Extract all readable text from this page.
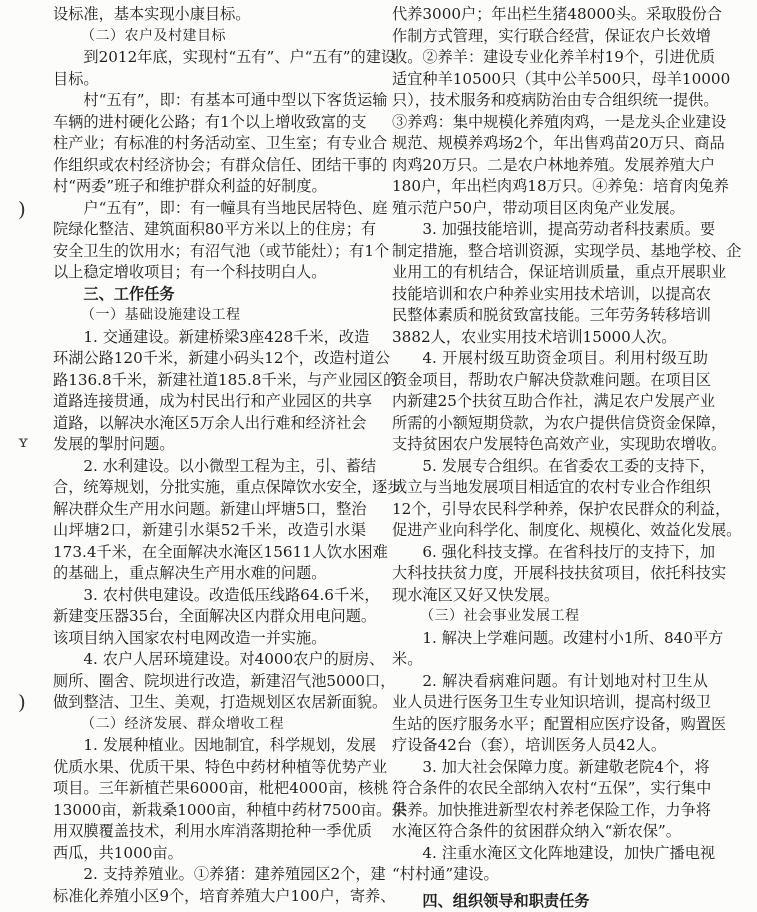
设标准，基本实现小康目标。
（二）农户及村建目标
到2012年底，实现村“五有”、户“五有”的建设
目标。
村“五有”，即：有基本可通中型以下客货运输
车辆的进村硬化公路；有1个以上增收致富的支
柱产业；有标准的村务活动室、卫生室；有专业合
作组织或农村经济协会；有群众信任、团结干事的
村“两委”班子和维护群众利益的好制度。
户“五有”，即：有一幢具有当地民居特色、庭
院绿化整洁、建筑面积80平方米以上的住房；有
安全卫生的饮用水；有沼气池（或节能灶）；有1个
以上稳定增收项目；有一个科技明白人。
三、工作任务
（一）基础设施建设工程
1. 交通建设。新建桥梁3座428千米，改造
环湖公路120千米，新建小码头12个，改造村道公
路136.8千米，新建社道185.8千米，与产业园区的
道路连接贯通，成为村民出行和产业园区的共享
道路，以解决水淹区5万余人出行难和经济社会
发展的掣肘问题。
2. 水利建设。以小微型工程为主，引、蓄结
合，统筹规划，分批实施，重点保障饮水安全，逐步
解决群众生产用水问题。新建山坪塘5口，整治
山坪塘2口，新建引水渠52千米，改造引水渠
173.4千米，在全面解决水淹区15611人饮水困难
的基础上，重点解决生产用水难的问题。
3. 农村供电建设。改造低压线路64.6千米，
新建变压器35台，全面解决区内群众用电问题。
该项目纳入国家农村电网改造一并实施。
4. 农户人居环境建设。对4000农户的厨房、
厕所、圈舍、院坝进行改造，新建沼气池5000口，
做到整洁、卫生、美观，打造规划区农居新面貌。
（二）经济发展、群众增收工程
1. 发展种植业。因地制宜，科学规划，发展
优质水果、优质干果、特色中药材种植等优势产业
项目。三年新植芒果6000亩，枇杷4000亩，核桃
13000亩，新栽桑1000亩，种植中药材7500亩。采
用双膜覆盖技术，利用水库消落期抢种一季优质
西瓜，共1000亩。
2. 支持养殖业。①养猪：建养殖园区2个，建
标准化养殖小区9个，培育养殖大户100户，寄养、
代养3000户；年出栏生猪48000头。采取股份合
作制方式管理，实行联合经营，保证农户长效增
收。②养羊：建设专业化养羊村19个，引进优质
适宜种羊10500只（其中公羊500只，母羊10000
只），技术服务和疫病防治由专合组织统一提供。
③养鸡：集中规模化养殖肉鸡，一是龙头企业建设
规范、规模养鸡场2个，年出售鸡苗20万只、商品
肉鸡20万只。二是农户林地养殖。发展养殖大户
180户，年出栏肉鸡18万只。④养兔：培育肉兔养
殖示范户50户，带动项目区肉兔产业发展。
3. 加强技能培训，提高劳动者科技素质。要
制定措施，整合培训资源，实现学员、基地学校、企
业用工的有机结合，保证培训质量，重点开展职业
技能培训和农户种养业实用技术培训，以提高农
民整体素质和脱贫致富技能。三年劳务转移培训
3882人，农业实用技术培训15000人次。
4. 开展村级互助资金项目。利用村级互助
资金项目，帮助农户解决贷款难问题。在项目区
内新建25个扶贫互助合作社，满足农户发展产业
所需的小额短期贷款，为农户提供信贷资金保障，
支持贫困农户发展特色高效产业，实现助农增收。
5. 发展专合组织。在省委农工委的支持下，
成立与当地发展项目相适宜的农村专业合作组织
12个，引导农民科学种养，保护农民群众的利益，
促进产业向科学化、制度化、规模化、效益化发展。
6. 强化科技支撑。在省科技厅的支持下，加
大科技扶贫力度，开展科技扶贫项目，依托科技实
现水淹区又好又快发展。
（三）社会事业发展工程
1. 解决上学难问题。改建村小1所、840平方
米。
2. 解决看病难问题。有计划地对村卫生从
业人员进行医务卫生专业知识培训，提高村级卫
生站的医疗服务水平；配置相应医疗设备，购置医
疗设备42台（套），培训医务人员42人。
3. 加大社会保障力度。新建敬老院4个，将
符合条件的农民全部纳入农村“五保”，实行集中
供养。加快推进新型农村养老保险工作，力争将
水淹区符合条件的贫困群众纳入“新农保”。
4. 注重水淹区文化阵地建设，加快广播电视
“村村通”建设。
四、组织领导和职责任务
)
ʏ
)
